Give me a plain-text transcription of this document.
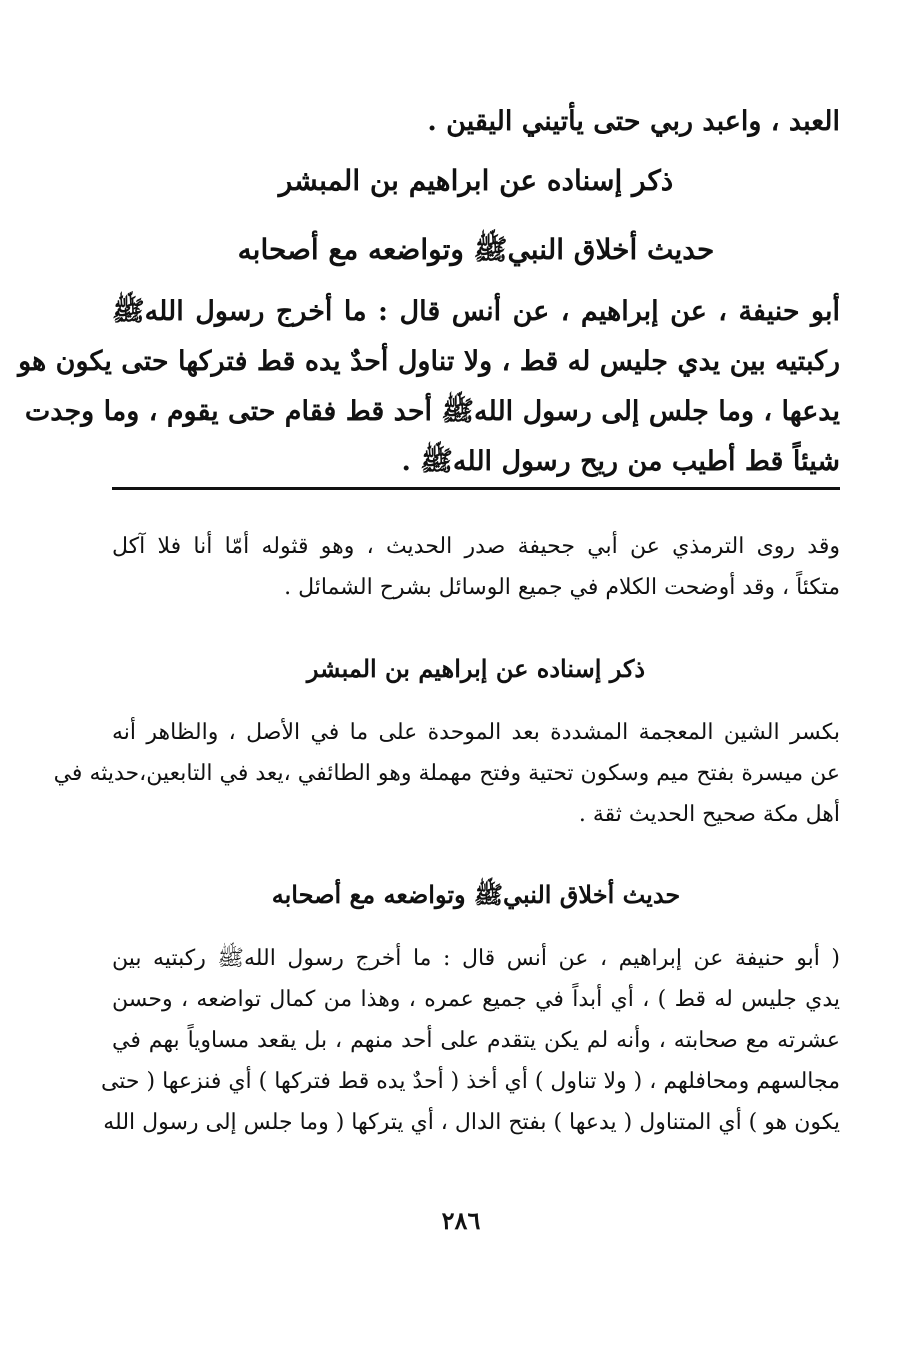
العبد ، واعبد ربي حتى يأتيني اليقين .
ذكر إسناده عن ابراهيم بن المبشر
حديث أخلاق النبيﷺ وتواضعه مع أصحابه
أبو حنيفة ، عن إبراهيم ، عن أنس قال : ما أخرج رسول اللهﷺ
ركبتيه بين يدي جليس له قط ، ولا تناول أحدٌ يده قط فتركها حتى يكون هو
يدعها ، وما جلس إلى رسول اللهﷺ أحد قط فقام حتى يقوم ، وما وجدت
شيئاً قط أطيب من ريح رسول اللهﷺ .
وقد روى الترمذي عن أبي جحيفة صدر الحديث ، وهو قثوله أمّا أنا فلا آكل
متكئاً ، وقد أوضحت الكلام في جميع الوسائل بشرح الشمائل .
ذكر إسناده عن إبراهيم بن المبشر
بكسر الشين المعجمة المشددة بعد الموحدة على ما في الأصل ، والظاهر أنه
عن ميسرة بفتح ميم وسكون تحتية وفتح مهملة وهو الطائفي ،يعد في التابعين،حديثه في
أهل مكة صحيح الحديث ثقة .
حديث أخلاق النبيﷺ وتواضعه مع أصحابه
( أبو حنيفة عن إبراهيم ، عن أنس قال : ما أخرج رسول اللهﷺ ركبتيه بين
يدي جليس له قط ) ، أي أبداً في جميع عمره ، وهذا من كمال تواضعه ، وحسن
عشرته مع صحابته ، وأنه لم يكن يتقدم على أحد منهم ، بل يقعد مساوياً بهم في
مجالسهم ومحافلهم ، ( ولا تناول ) أي أخذ ( أحدٌ يده قط فتركها ) أي فنزعها ( حتى
يكون هو ) أي المتناول ( يدعها ) بفتح الدال ، أي يتركها ( وما جلس إلى رسول الله
٢٨٦
